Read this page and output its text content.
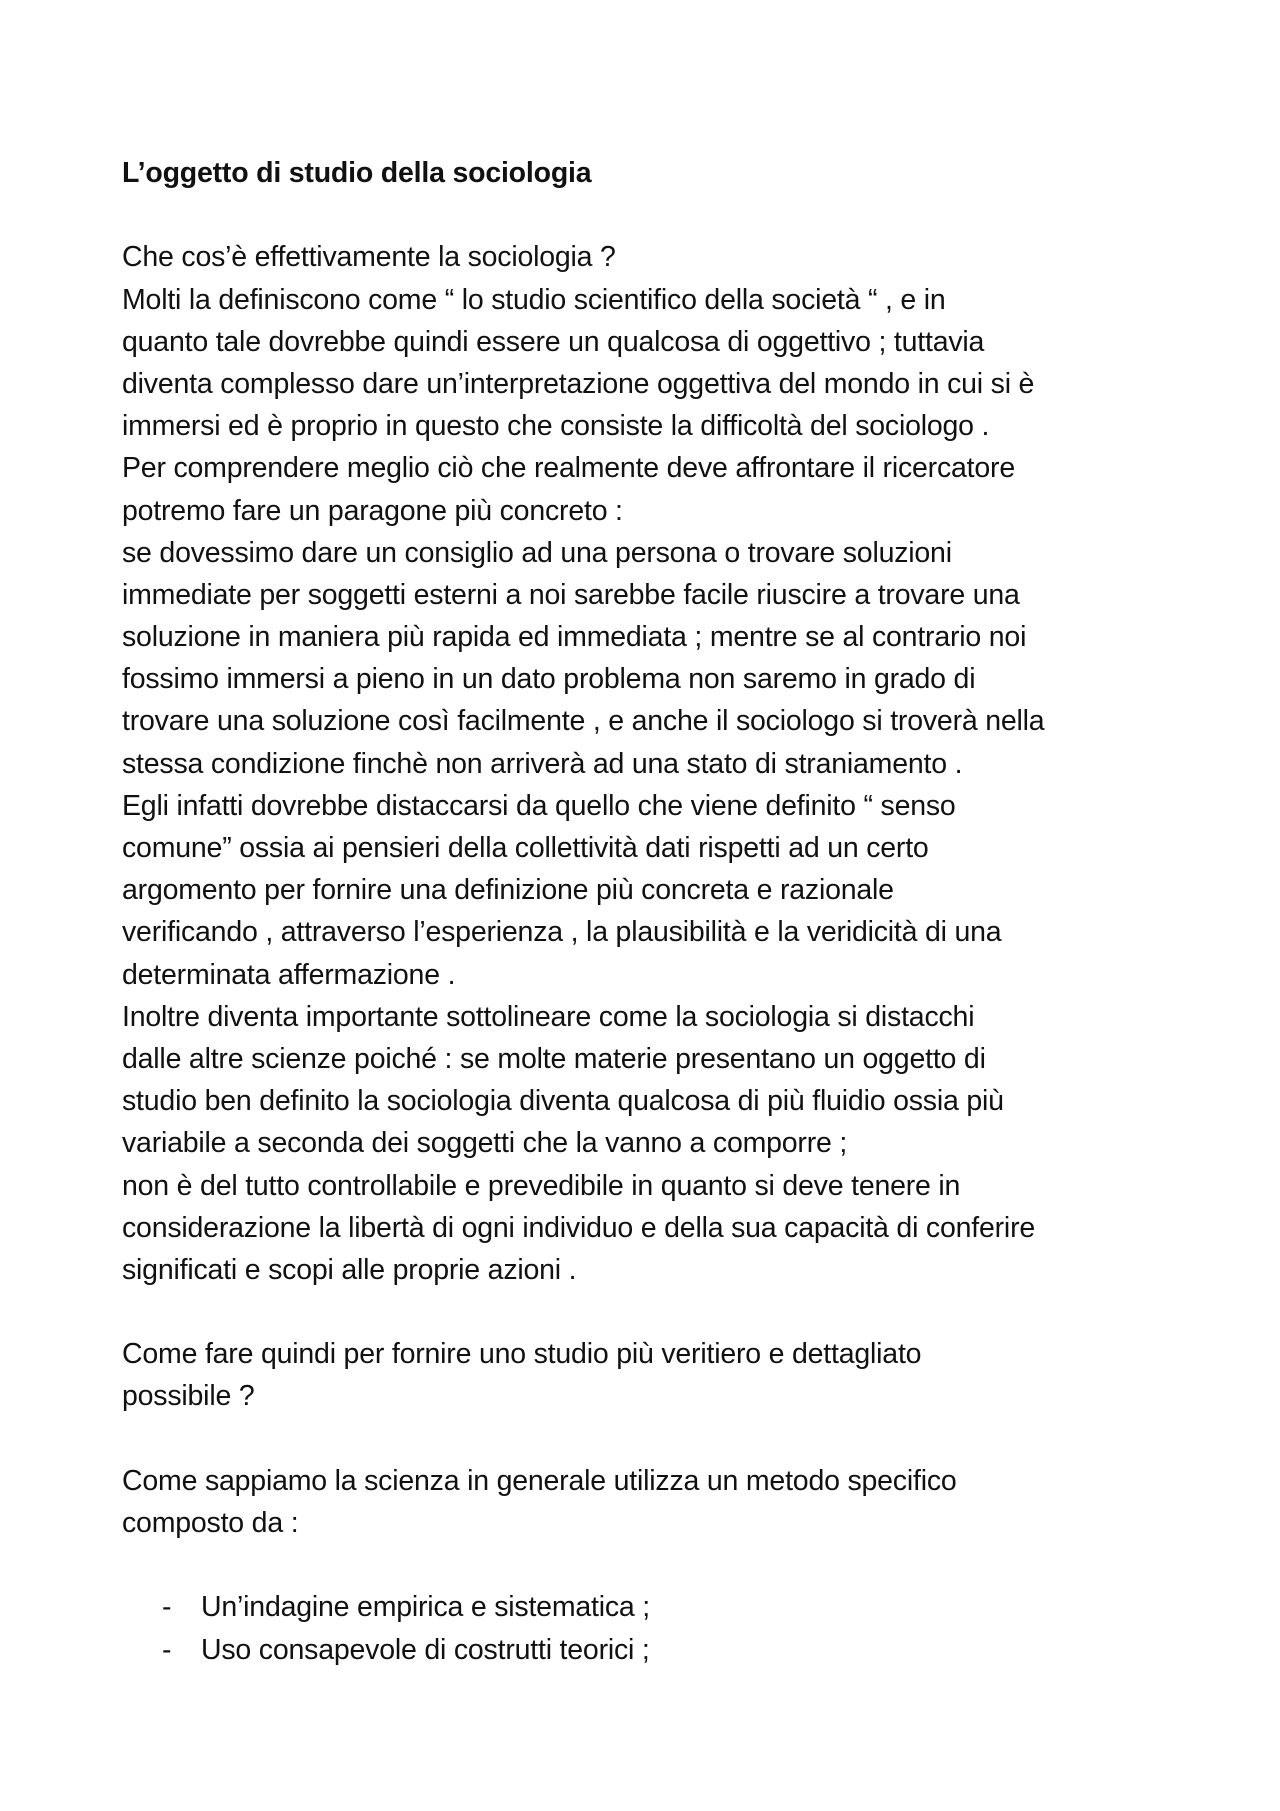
L’oggetto di studio della sociologia
Che cos’è effettivamente la sociologia ?
Molti la definiscono come “ lo studio scientifico della società “ , e in
quanto tale dovrebbe quindi essere un qualcosa di oggettivo ; tuttavia
diventa complesso dare un’interpretazione oggettiva del mondo in cui si è
immersi ed è proprio in questo che consiste la difficoltà del sociologo .
Per comprendere meglio ciò che realmente deve affrontare il ricercatore
potremo fare un paragone più concreto :
se dovessimo dare un consiglio ad una persona o trovare soluzioni
immediate per soggetti esterni a noi sarebbe facile riuscire a trovare una
soluzione in maniera più rapida ed immediata ; mentre se al contrario noi
fossimo immersi a pieno in un dato problema non saremo in grado di
trovare una soluzione così facilmente , e anche il sociologo si troverà nella
stessa condizione finchè non arriverà ad una stato di straniamento .
Egli infatti dovrebbe distaccarsi da quello che viene definito “ senso
comune” ossia ai pensieri della collettività dati rispetti ad un certo
argomento per fornire una definizione più concreta e razionale
verificando , attraverso l’esperienza , la plausibilità e la veridicità di una
determinata affermazione .
Inoltre diventa importante sottolineare come la sociologia si distacchi
dalle altre scienze poiché : se molte materie presentano un oggetto di
studio ben definito la sociologia diventa qualcosa di più fluidio ossia più
variabile a seconda dei soggetti che la vanno a comporre ;
non è del tutto controllabile e prevedibile in quanto si deve tenere in
considerazione la libertà di ogni individuo e della sua capacità di conferire
significati e scopi alle proprie azioni .
Come fare quindi per fornire uno studio più veritiero e dettagliato
possibile ?
Come sappiamo la scienza in generale utilizza un metodo specifico
composto da :
- Un’indagine empirica e sistematica ;
- Uso consapevole di costrutti teorici ;
